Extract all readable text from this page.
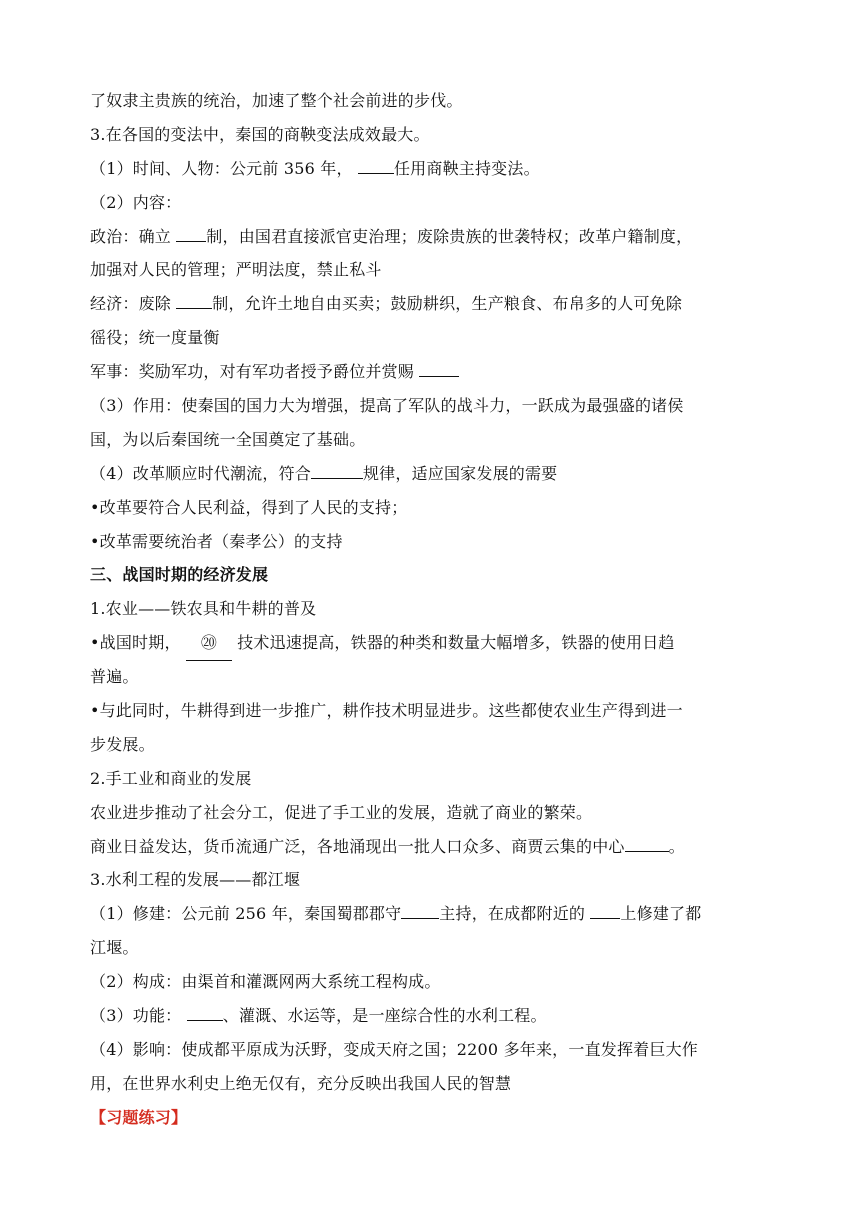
了奴隶主贵族的统治，加速了整个社会前进的步伐。
3.在各国的变法中，秦国的商鞅变法成效最大。
（1）时间、人物：公元前 356 年， 任用商鞅主持变法。
（2）内容：
政治：确立 制，由国君直接派官吏治理；废除贵族的世袭特权；改革户籍制度，
加强对人民的管理；严明法度，禁止私斗
经济：废除 制，允许土地自由买卖；鼓励耕织，生产粮食、布帛多的人可免除
徭役；统一度量衡
军事：奖励军功，对有军功者授予爵位并赏赐
（3）作用：使秦国的国力大为增强，提高了军队的战斗力，一跃成为最强盛的诸侯
国，为以后秦国统一全国奠定了基础。
（4）改革顺应时代潮流，符合	规律，适应国家发展的需要
•改革要符合人民利益，得到了人民的支持；
•改革需要统治者（秦孝公）的支持
三、战国时期的经济发展
1.农业——铁农具和牛耕的普及
•战国时期， ⑳ 技术迅速提高，铁器的种类和数量大幅增多，铁器的使用日趋
普遍。
•与此同时，牛耕得到进一步推广，耕作技术明显进步。这些都使农业生产得到进一
步发展。
2.手工业和商业的发展
农业进步推动了社会分工，促进了手工业的发展，造就了商业的繁荣。
商业日益发达，货币流通广泛，各地涌现出一批人口众多、商贾云集的中心	。
3.水利工程的发展——都江堰
（1）修建：公元前 256 年，秦国蜀郡郡守 主持，在成都附近的 上修建了都
江堰。
（2）构成：由渠首和灌溉网两大系统工程构成。
（3）功能： 、灌溉、水运等，是一座综合性的水利工程。
（4）影响：使成都平原成为沃野，变成天府之国；2200 多年来，一直发挥着巨大作
用，在世界水利史上绝无仅有，充分反映出我国人民的智慧
【习题练习】
